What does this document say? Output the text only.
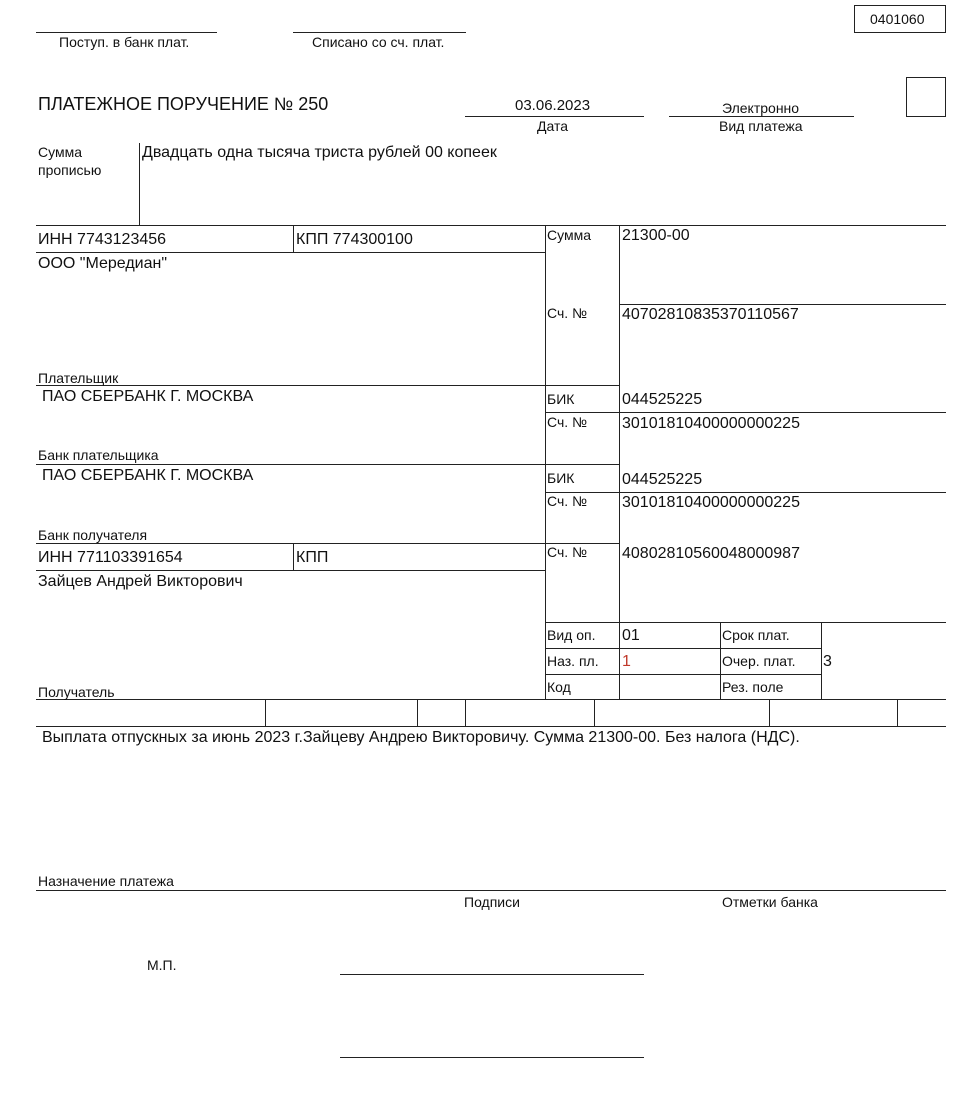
0401060
Поступ. в банк плат.	Списано со сч. плат.
ПЛАТЕЖНОЕ ПОРУЧЕНИЕ № 250	03.06.2023
Дата
Электронно
Вид платежа
Сумма
прописью
Двадцать одна тысяча триста рублей 00 копеек
ИНН 7743123456	КПП 774300100
ООО "Мередиан"
Плательщик
Сумма 21300-00
Сч. № 40702810835370110567
ПАО СБЕРБАНК Г. МОСКВА
Банк плательщика
БИК	044525225
Сч. № 30101810400000000225
ПАО СБЕРБАНК Г. МОСКВА
Банк получателя
БИК	044525225
Сч. № 30101810400000000225
ИНН 771103391654	КПП
Зайцев Андрей Викторович
Получатель
Сч. № 40802810560048000987
Вид оп. 01
Наз. пл. 1
Код
Срок плат.
Очер. плат. 3
Рез. поле
Выплата отпускных за июнь 2023 г.Зайцеву Андрею Викторовичу. Сумма 21300-00. Без налога (НДС).
Назначение платежа
Подписи	Отметки банка
М.П.
